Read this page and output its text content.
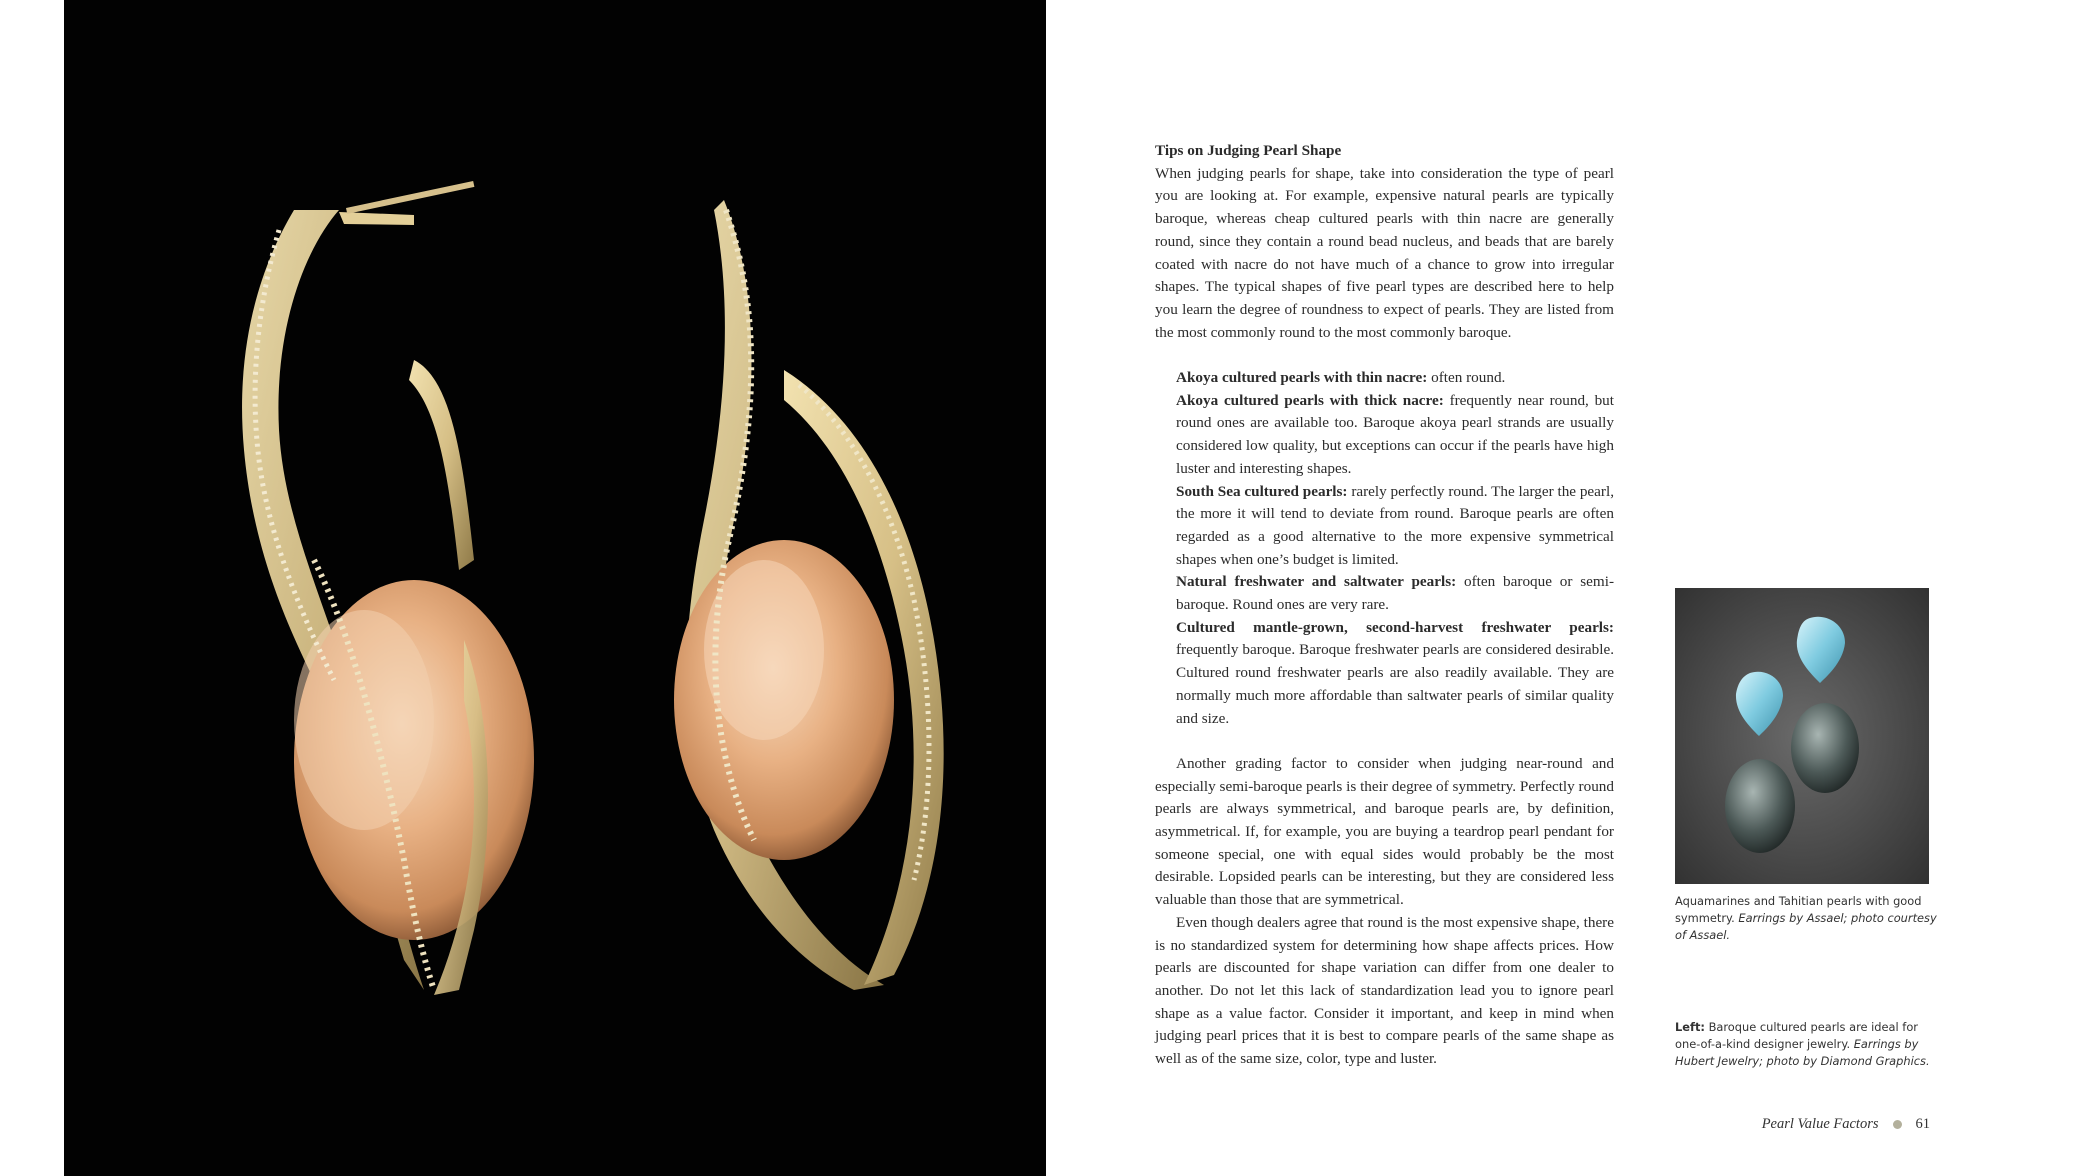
Tips on Judging Pearl Shape

When judging pearls for shape, take into consideration the type of pearl you are looking at. For example, expensive natural pearls are typically baroque, whereas cheap cultured pearls with thin nacre are generally round, since they contain a round bead nucleus, and beads that are barely coated with nacre do not have much of a chance to grow into irregular shapes. The typical shapes of five pearl types are described here to help you learn the degree of roundness to expect of pearls. They are listed from the most commonly round to the most commonly baroque.

Akoya cultured pearls with thin nacre: often round.

Akoya cultured pearls with thick nacre: frequently near round, but round ones are available too. Baroque akoya pearl strands are usually considered low quality, but exceptions can occur if the pearls have high luster and interesting shapes.

South Sea cultured pearls: rarely perfectly round. The larger the pearl, the more it will tend to deviate from round. Baroque pearls are often regarded as a good alternative to the more expensive symmetrical shapes when one’s budget is limited.

Natural freshwater and saltwater pearls: often baroque or semi-baroque. Round ones are very rare.

Cultured mantle-grown, second-harvest freshwater pearls: frequently baroque. Baroque freshwater pearls are considered desirable. Cultured round freshwater pearls are also readily available. They are normally much more affordable than saltwater pearls of similar quality and size.

Another grading factor to consider when judging near-round and especially semi-baroque pearls is their degree of symmetry. Perfectly round pearls are always symmetrical, and baroque pearls are, by definition, asymmetrical. If, for example, you are buying a teardrop pearl pendant for someone special, one with equal sides would probably be the most desirable. Lopsided pearls can be interesting, but they are considered less valuable than those that are symmetrical.

Even though dealers agree that round is the most expensive shape, there is no standardized system for determining how shape affects prices. How pearls are discounted for shape variation can differ from one dealer to another. Do not let this lack of standardization lead you to ignore pearl shape as a value factor. Consider it important, and keep in mind when judging pearl prices that it is best to compare pearls of the same shape as well as of the same size, color, type and luster.

Aquamarines and Tahitian pearls with good symmetry. Earrings by Assael; photo courtesy of Assael.
Left: Baroque cultured pearls are ideal for one-of-a-kind designer jewelry. Earrings by Hubert Jewelry; photo by Diamond Graphics.
Pearl Value Factors	61
